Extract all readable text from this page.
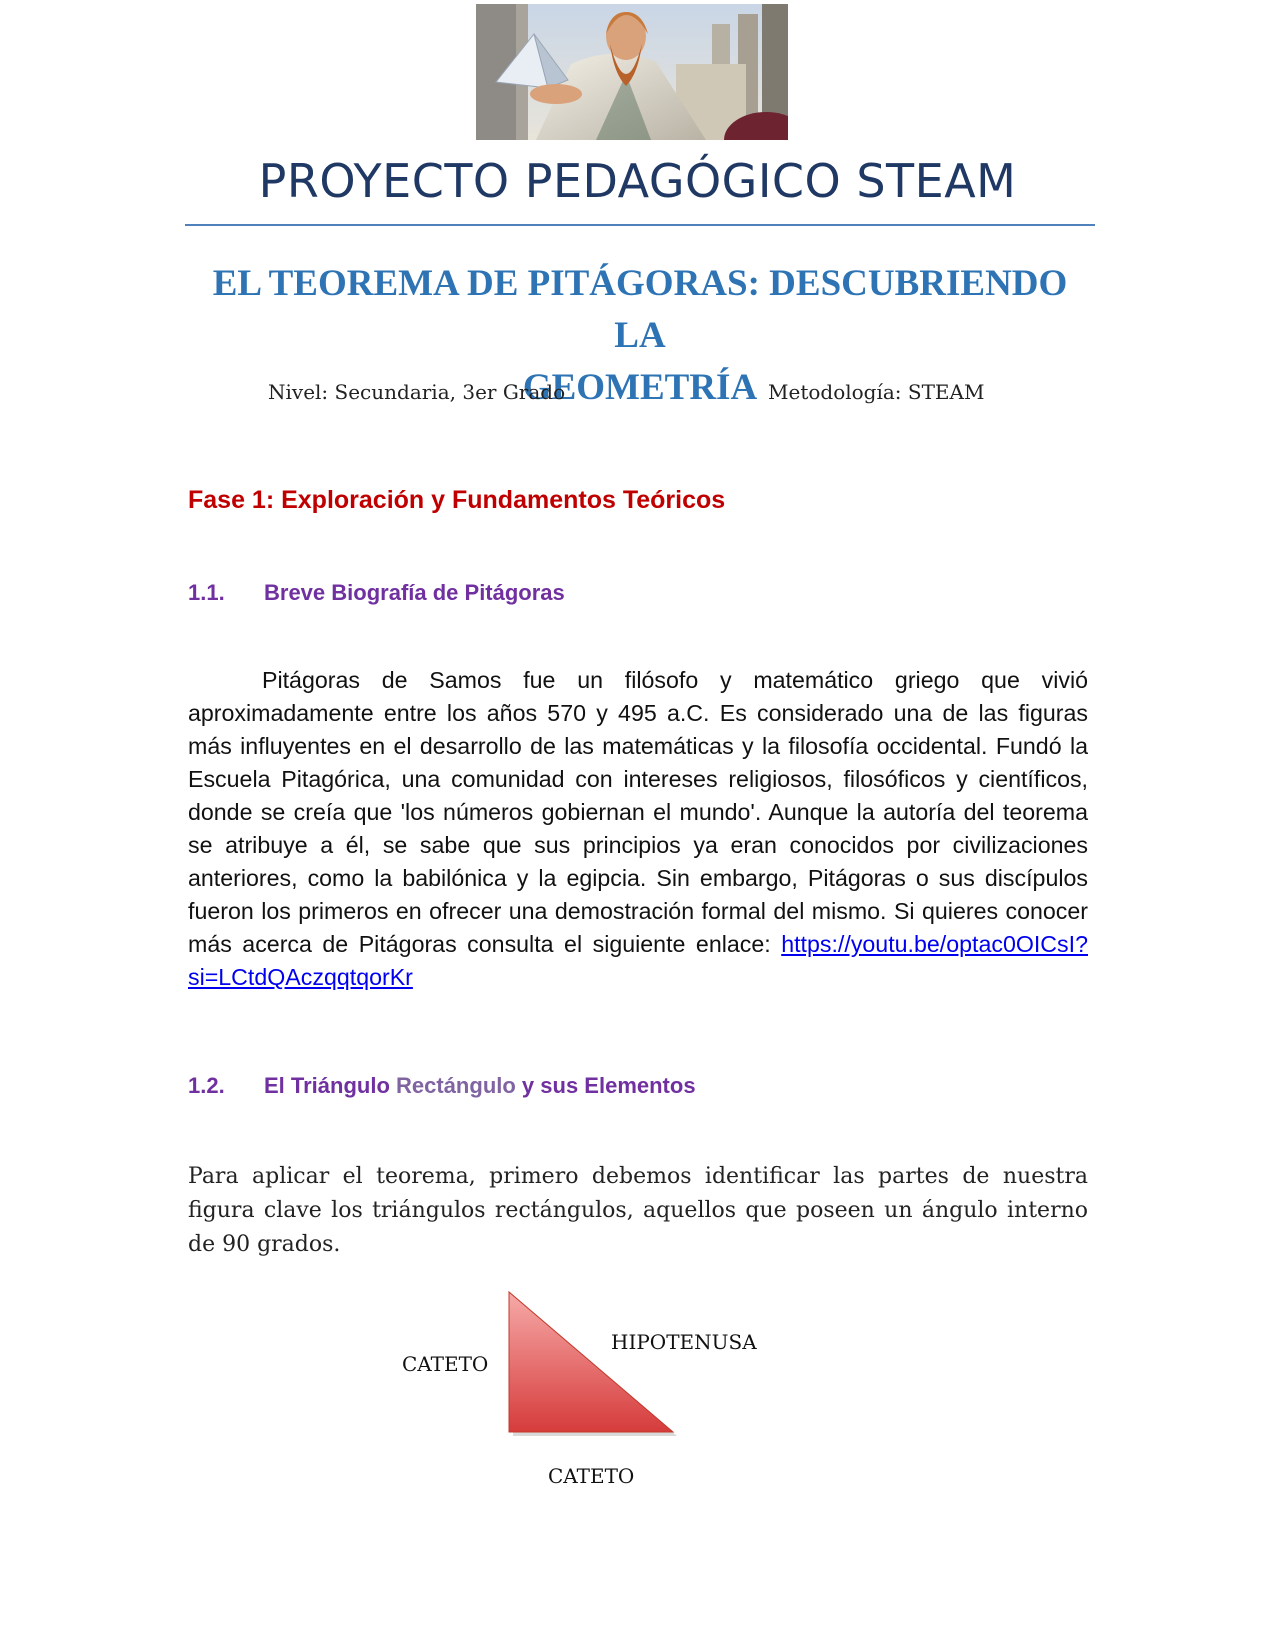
PROYECTO PEDAGÓGICO STEAM
EL TEOREMA DE PITÁGORAS: DESCUBRIENDO LA
GEOMETRÍA
Nivel: Secundaria, 3er Grado	Metodología: STEAM
Fase 1: Exploración y Fundamentos Teóricos
1.1. Breve Biografía de Pitágoras
Pitágoras de Samos fue un filósofo y matemático griego que vivió aproximadamente entre los años 570 y 495 a.C. Es considerado una de las figuras más influyentes en el desarrollo de las matemáticas y la filosofía occidental. Fundó la Escuela Pitagórica, una comunidad con intereses religiosos, filosóficos y científicos, donde se creía que 'los números gobiernan el mundo'. Aunque la autoría del teorema se atribuye a él, se sabe que sus principios ya eran conocidos por civilizaciones anteriores, como la babilónica y la egipcia. Sin embargo, Pitágoras o sus discípulos fueron los primeros en ofrecer una demostración formal del mismo. Si quieres conocer más acerca de Pitágoras consulta el siguiente enlace: https://youtu.be/optac0OICsI?si=LCtdQAczqqtqorKr
1.2. El Triángulo Rectángulo y sus Elementos
Para aplicar el teorema, primero debemos identificar las partes de nuestra figura clave los triángulos rectángulos, aquellos que poseen un ángulo interno de 90 grados.
CATETO
HIPOTENUSA
CATETO
